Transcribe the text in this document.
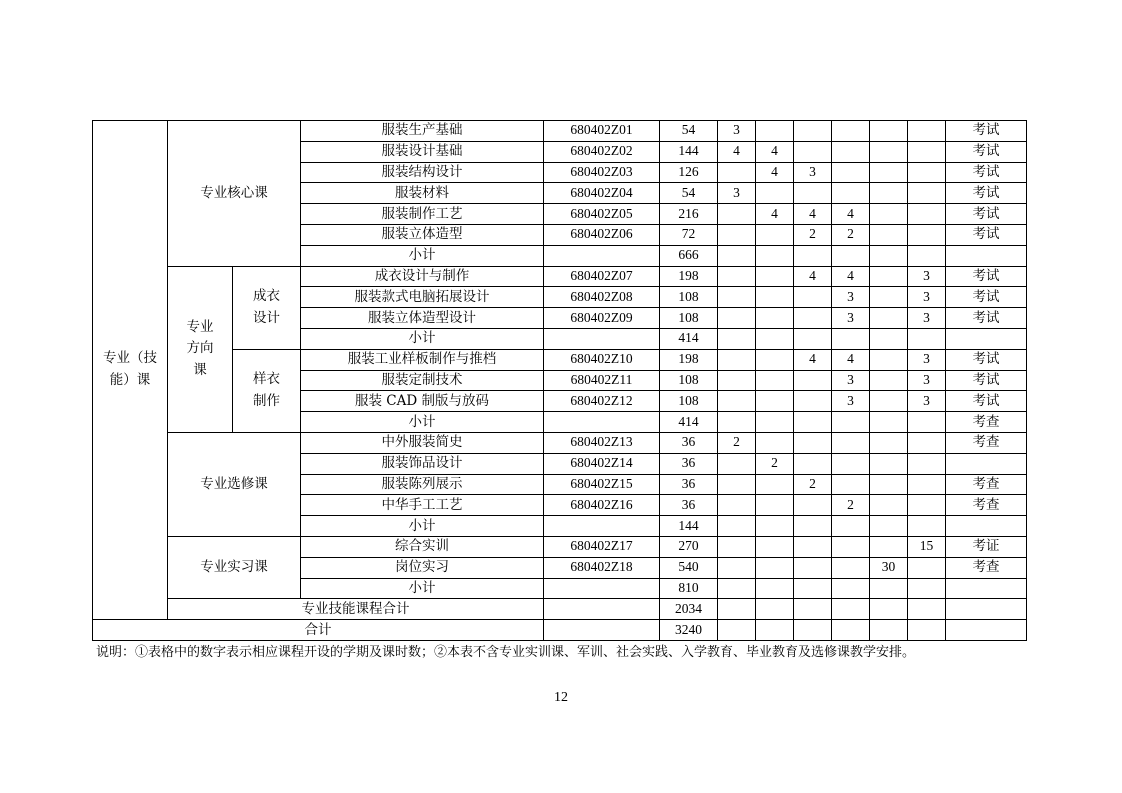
专业（技能）课	专业核心课		服装生产基础	680402Z01	54	3						考试
			服装设计基础	680402Z02	144	4	4					考试
			服装结构设计	680402Z03	126		4	3				考试
			服装材料	680402Z04	54	3						考试
			服装制作工艺	680402Z05	216		4	4	4			考试
			服装立体造型	680402Z06	72			2	2			考试
			小计		666							
	专业方向课	成衣设计	成衣设计与制作	680402Z07	198			4	4		3	考试
			服装款式电脑拓展设计	680402Z08	108				3		3	考试
			服装立体造型设计	680402Z09	108				3		3	考试
			小计		414							
		样衣制作	服装工业样板制作与推档	680402Z10	198			4	4		3	考试
			服装定制技术	680402Z11	108				3		3	考试
			服装 CAD 制版与放码	680402Z12	108				3		3	考试
			小计		414							考查
	专业选修课		中外服装简史	680402Z13	36	2						考查
			服装饰品设计	680402Z14	36		2					
			服装陈列展示	680402Z15	36			2				考查
			中华手工工艺	680402Z16	36				2			考查
			小计		144							
	专业实习课		综合实训	680402Z17	270						15	考证
			岗位实习	680402Z18	540					30		考查
			小计		810							
	专业技能课程合计				2034							
合计					3240							
说明：①表格中的数字表示相应课程开设的学期及课时数；②本表不含专业实训课、军训、社会实践、入学教育、毕业教育及选修课教学安排。
12
